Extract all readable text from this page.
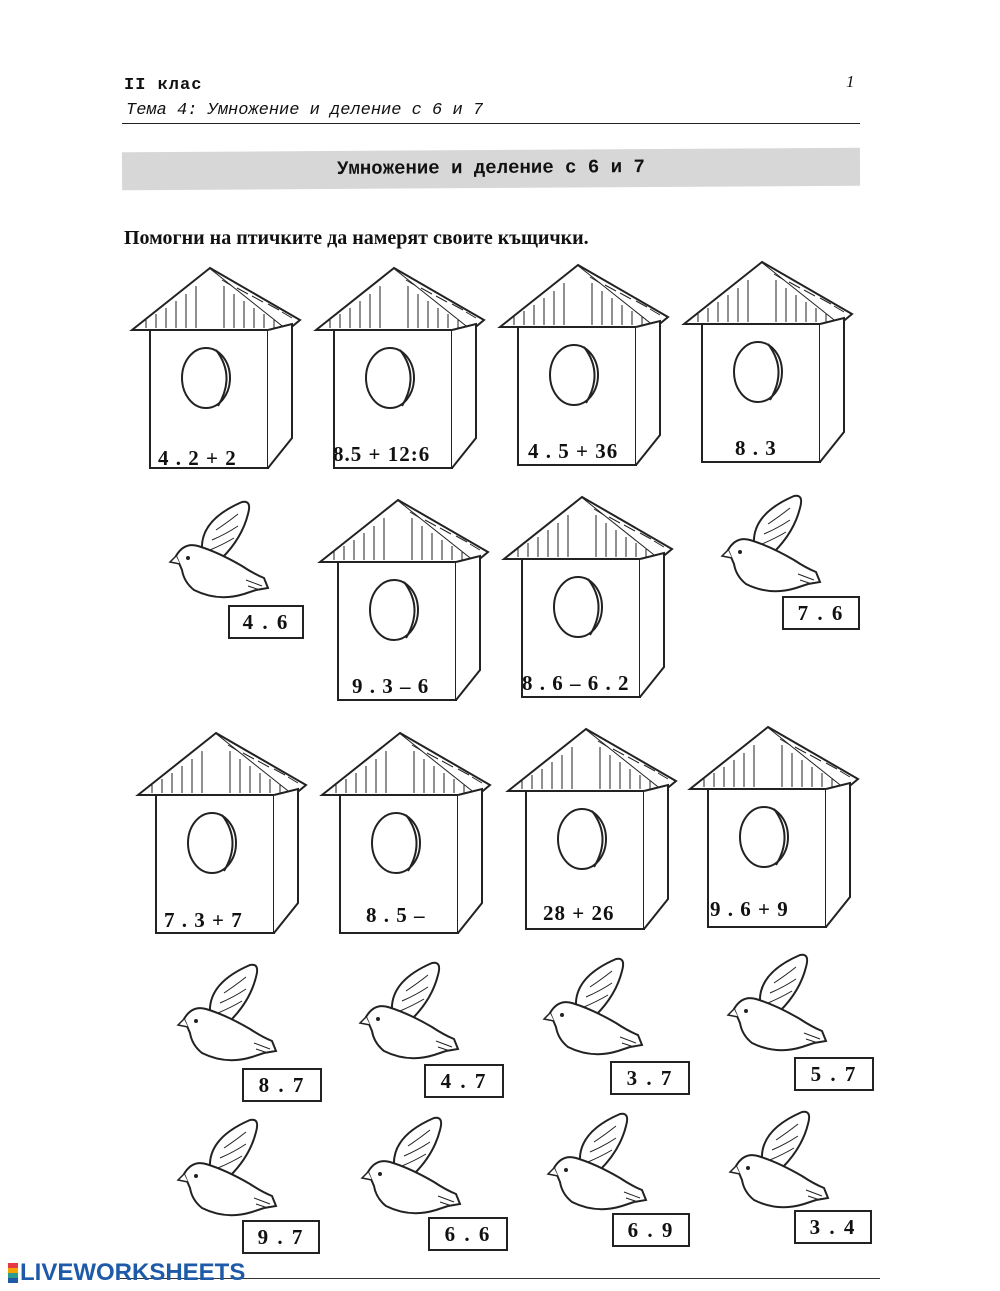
II клас	1
Тема 4: Умножение и деление с 6 и 7
Умножение и деление с 6 и 7
Помогни на птичките да намерят своите къщички.
4 . 2 + 2	8.5 + 12:6	4 . 5 + 36	8 . 3
9 . 3 – 6	8 . 6 – 6 . 2
7 . 3 + 7	8 . 5 –	28 + 26	9 . 6 + 9
4 . 6	7 . 6
8 . 7	4 . 7	3 . 7	5 . 7
9 . 7	6 . 6	6 . 9	3 . 4
LIVEWORKSHEETS
